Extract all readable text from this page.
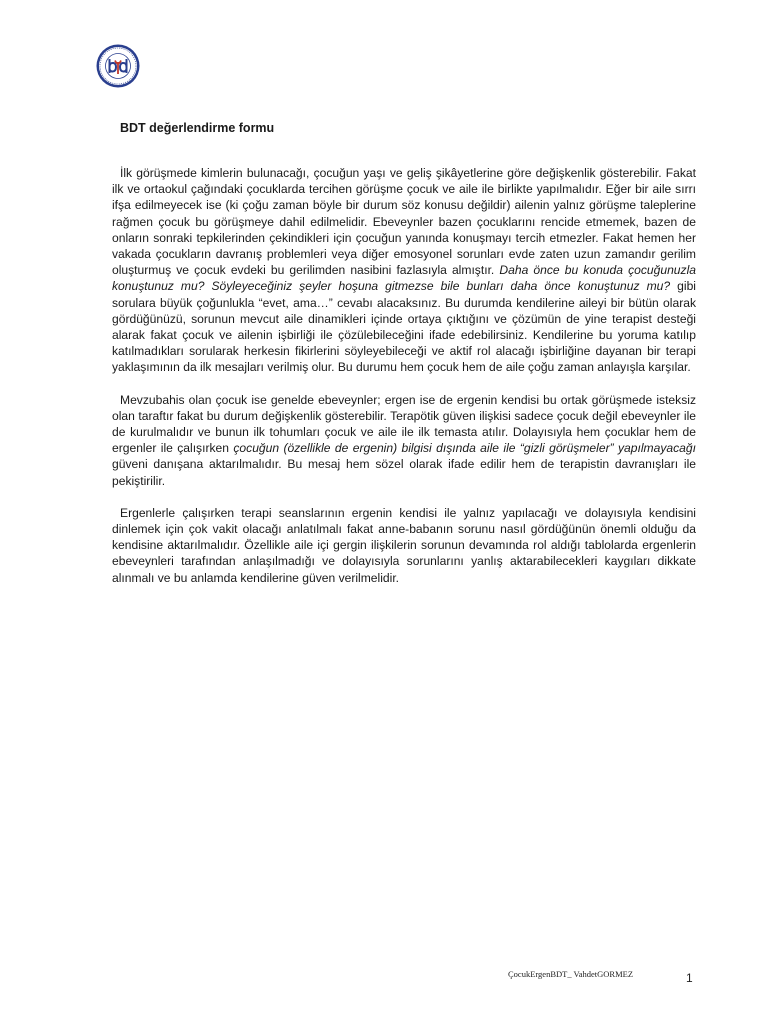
BDT değerlendirme formu

İlk görüşmede kimlerin bulunacağı, çocuğun yaşı ve geliş şikâyetlerine göre değişkenlik gösterebilir. Fakat ilk ve ortaokul çağındaki çocuklarda tercihen görüşme çocuk ve aile ile birlikte yapılmalıdır. Eğer bir aile sırrı ifşa edilmeyecek ise (ki çoğu zaman böyle bir durum söz konusu değildir) ailenin yalnız görüşme taleplerine rağmen çocuk bu görüşmeye dahil edilmelidir. Ebeveynler bazen çocuklarını rencide etmemek, bazen de onların sonraki tepkilerinden çekindikleri için çocuğun yanında konuşmayı tercih etmezler. Fakat hemen her vakada çocukların davranış problemleri veya diğer emosyonel sorunları evde zaten uzun zamandır gerilim oluşturmuş ve çocuk evdeki bu gerilimden nasibini fazlasıyla almıştır. Daha önce bu konuda çocuğunuzla konuştunuz mu? Söyleyeceğiniz şeyler hoşuna gitmezse bile bunları daha önce konuştunuz mu? gibi sorulara büyük çoğunlukla “evet, ama…” cevabı alacaksınız. Bu durumda kendilerine aileyi bir bütün olarak gördüğünüzü, sorunun mevcut aile dinamikleri içinde ortaya çıktığını ve çözümün de yine terapist desteği alarak fakat çocuk ve ailenin işbirliği ile çözülebileceğini ifade edebilirsiniz. Kendilerine bu yoruma katılıp katılmadıkları sorularak herkesin fikirlerini söyleyebileceği ve aktif rol alacağı işbirliğine dayanan bir terapi yaklaşımının da ilk mesajları verilmiş olur. Bu durumu hem çocuk hem de aile çoğu zaman anlayışla karşılar.

Mevzubahis olan çocuk ise genelde ebeveynler; ergen ise de ergenin kendisi bu ortak görüşmede isteksiz olan taraftır fakat bu durum değişkenlik gösterebilir. Terapötik güven ilişkisi sadece çocuk değil ebeveynler ile de kurulmalıdır ve bunun ilk tohumları çocuk ve aile ile ilk temasta atılır. Dolayısıyla hem çocuklar hem de ergenler ile çalışırken çocuğun (özellikle de ergenin) bilgisi dışında aile ile “gizli görüşmeler” yapılmayacağı güveni danışana aktarılmalıdır. Bu mesaj hem sözel olarak ifade edilir hem de terapistin davranışları ile pekiştirilir.

Ergenlerle çalışırken terapi seanslarının ergenin kendisi ile yalnız yapılacağı ve dolayısıyla kendisini dinlemek için çok vakit olacağı anlatılmalı fakat anne-babanın sorunu nasıl gördüğünün önemli olduğu da kendisine aktarılmalıdır. Özellikle aile içi gergin ilişkilerin sorunun devamında rol aldığı tablolarda ergenlerin ebeveynleri tarafından anlaşılmadığı ve dolayısıyla sorunlarını yanlış aktarabilecekleri kaygıları dikkate alınmalı ve bu anlamda kendilerine güven verilmelidir.

ÇocukErgenBDT_ VahdetGORMEZ	1
